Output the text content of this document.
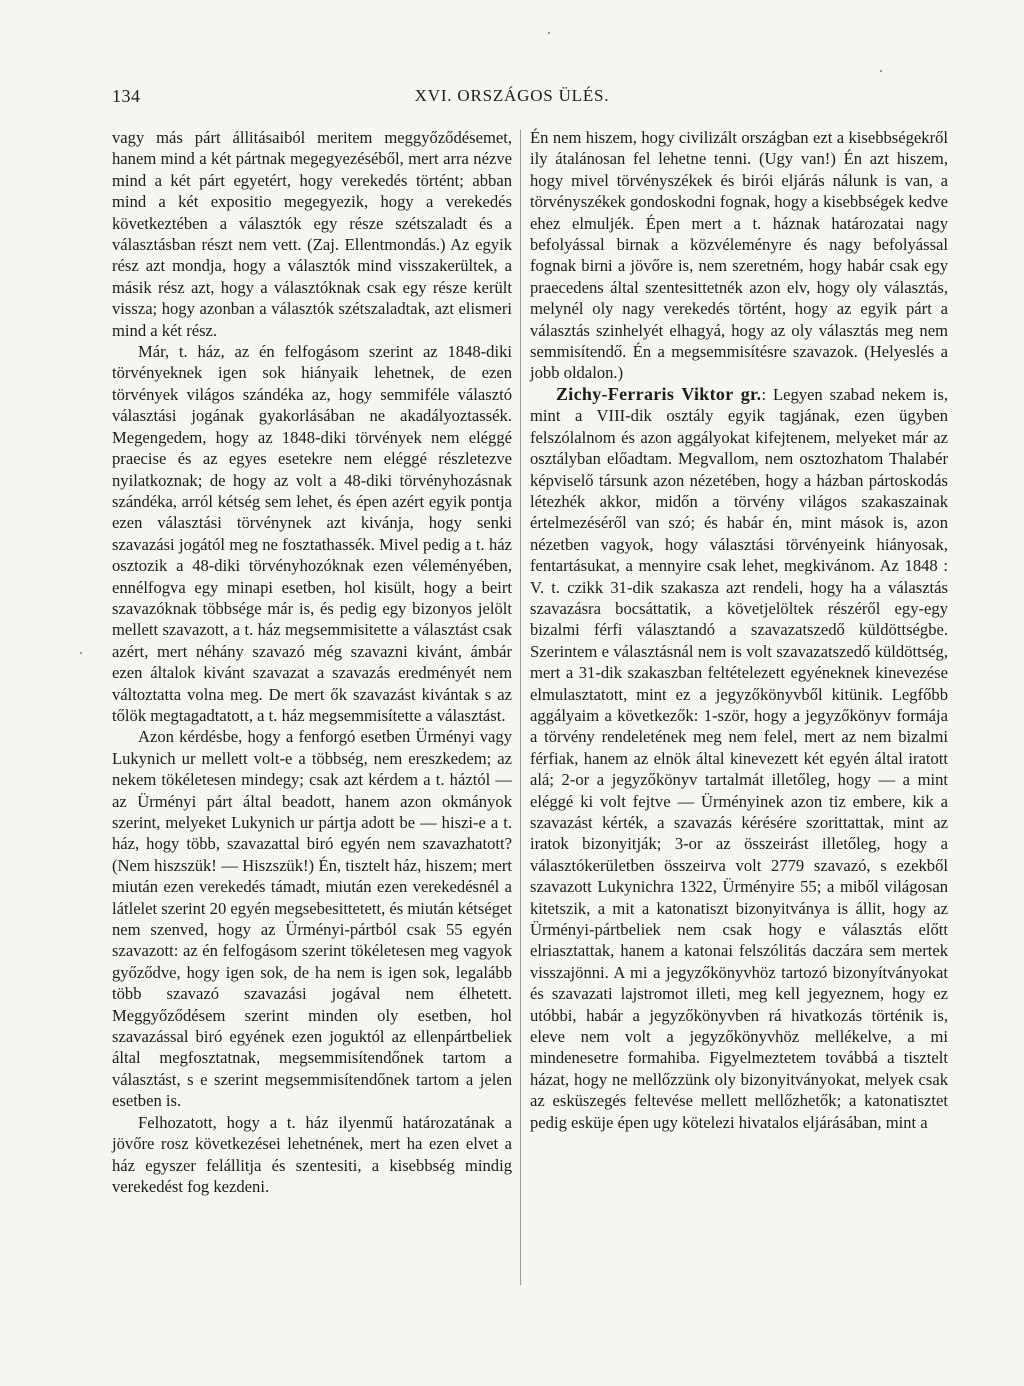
134	XVI. ORSZÁGOS ÜLÉS.

vagy más párt állitásaiból meritem meggyőződésemet, hanem mind a két pártnak megegyezéséből, mert arra nézve mind a két párt egyetért, hogy verekedés történt; abban mind a két expositio megegyezik, hogy a verekedés következtében a választók egy része szétszaladt és a választásban részt nem vett. (Zaj. Ellentmondás.) Az egyik rész azt mondja, hogy a választók mind visszakerültek, a másik rész azt, hogy a választóknak csak egy része került vissza; hogy azonban a választók szétszaladtak, azt elismeri mind a két rész.

Már, t. ház, az én felfogásom szerint az 1848-diki törvényeknek igen sok hiányaik lehetnek, de ezen törvények világos szándéka az, hogy semmiféle választó választási jogának gyakorlásában ne akadályoztassék. Megengedem, hogy az 1848-diki törvények nem eléggé praecise és az egyes esetekre nem eléggé részletezve nyilatkoznak; de hogy az volt a 48-diki törvényhozásnak szándéka, arról kétség sem lehet, és épen azért egyik pontja ezen választási törvénynek azt kivánja, hogy senki szavazási jogától meg ne fosztathassék. Mivel pedig a t. ház osztozik a 48-diki törvényhozóknak ezen véleményében, ennélfogva egy minapi esetben, hol kisült, hogy a beirt szavazóknak többsége már is, és pedig egy bizonyos jelölt mellett szavazott, a t. ház megsemmisitette a választást csak azért, mert néhány szavazó még szavazni kivánt, ámbár ezen általok kivánt szavazat a szavazás eredményét nem változtatta volna meg. De mert ők szavazást kivántak s az tőlök megtagadtatott, a t. ház megsemmisítette a választást.

Azon kérdésbe, hogy a fenforgó esetben Ürményi vagy Lukynich ur mellett volt-e a többség, nem ereszkedem; az nekem tökéletesen mindegy; csak azt kérdem a t. háztól — az Ürményi párt által beadott, hanem azon okmányok szerint, melyeket Lukynich ur pártja adott be — hiszi-e a t. ház, hogy több, szavazattal biró egyén nem szavazhatott? (Nem hiszszük! — Hiszszük!) Én, tisztelt ház, hiszem; mert miután ezen verekedés támadt, miután ezen verekedésnél a látlelet szerint 20 egyén megsebesittetett, és miután kétséget nem szenved, hogy az Ürményi-pártból csak 55 egyén szavazott: az én felfogásom szerint tökéletesen meg vagyok győződve, hogy igen sok, de ha nem is igen sok, legalább több szavazó szavazási jogával nem élhetett. Meggyőződésem szerint minden oly esetben, hol szavazással biró egyének ezen joguktól az ellenpártbeliek által megfosztatnak, megsemmisítendőnek tartom a választást, s e szerint megsemmisítendőnek tartom a jelen esetben is.

Felhozatott, hogy a t. ház ilyenmű határozatának a jövőre rosz következései lehetnének, mert ha ezen elvet a ház egyszer felállitja és szentesiti, a kisebbség mindig verekedést fog kezdeni.

Én nem hiszem, hogy civilizált országban ezt a kisebbségekről ily átalánosan fel lehetne tenni. (Ugy van!) Én azt hiszem, hogy mivel törvényszékek és birói eljárás nálunk is van, a törvényszékek gondoskodni fognak, hogy a kisebbségek kedve ehez elmuljék. Épen mert a t. háznak határozatai nagy befolyással birnak a közvéleményre és nagy befolyással fognak birni a jövőre is, nem szeretném, hogy habár csak egy praecedens által szentesittetnék azon elv, hogy oly választás, melynél oly nagy verekedés történt, hogy az egyik párt a választás szinhelyét elhagyá, hogy az oly választás meg nem semmisítendő. Én a megsemmisítésre szavazok. (Helyeslés a jobb oldalon.)

Zichy-Ferraris Viktor gr.: Legyen szabad nekem is, mint a VIII-dik osztály egyik tagjának, ezen ügyben felszólalnom és azon aggályokat kifejtenem, melyeket már az osztályban előadtam. Megvallom, nem osztozhatom Thalabér képviselő társunk azon nézetében, hogy a házban pártoskodás létezhék akkor, midőn a törvény világos szakaszainak értelmezéséről van szó; és habár én, mint mások is, azon nézetben vagyok, hogy választási törvényeink hiányosak, fentartásukat, a mennyire csak lehet, megkivánom. Az 1848 : V. t. czikk 31-dik szakasza azt rendeli, hogy ha a választás szavazásra bocsáttatik, a követjelöltek részéről egy-egy bizalmi férfi választandó a szavazatszedő küldöttségbe. Szerintem e választásnál nem is volt szavazatszedő küldöttség, mert a 31-dik szakaszban feltételezett egyéneknek kinevezése elmulasztatott, mint ez a jegyzőkönyvből kitünik. Legfőbb aggályaim a következők: 1-ször, hogy a jegyzőkönyv formája a törvény rendeletének meg nem felel, mert az nem bizalmi férfiak, hanem az elnök által kinevezett két egyén által iratott alá; 2-or a jegyzőkönyv tartalmát illetőleg, hogy — a mint eléggé ki volt fejtve — Ürményinek azon tiz embere, kik a szavazást kérték, a szavazás kérésére szorittattak, mint az iratok bizonyitják; 3-or az összeirást illetőleg, hogy a választókerületben összeirva volt 2779 szavazó, s ezekből szavazott Lukynichra 1322, Ürményire 55; a miből világosan kitetszik, a mit a katonatiszt bizonyitványa is állit, hogy az Ürményi-pártbeliek nem csak hogy e választás előtt elriasztattak, hanem a katonai felszólitás daczára sem mertek visszajönni. A mi a jegyzőkönyvhöz tartozó bizonyítványokat és szavazati lajstromot illeti, meg kell jegyeznem, hogy ez utóbbi, habár a jegyzőkönyvben rá hivatkozás történik is, eleve nem volt a jegyzőkönyvhöz mellékelve, a mi mindenesetre formahiba. Figyelmeztetem továbbá a tisztelt házat, hogy ne mellőzzünk oly bizonyitványokat, melyek csak az esküszegés feltevése mellett mellőzhetők; a katonatisztet pedig esküje épen ugy kötelezi hivatalos eljárásában, mint a
